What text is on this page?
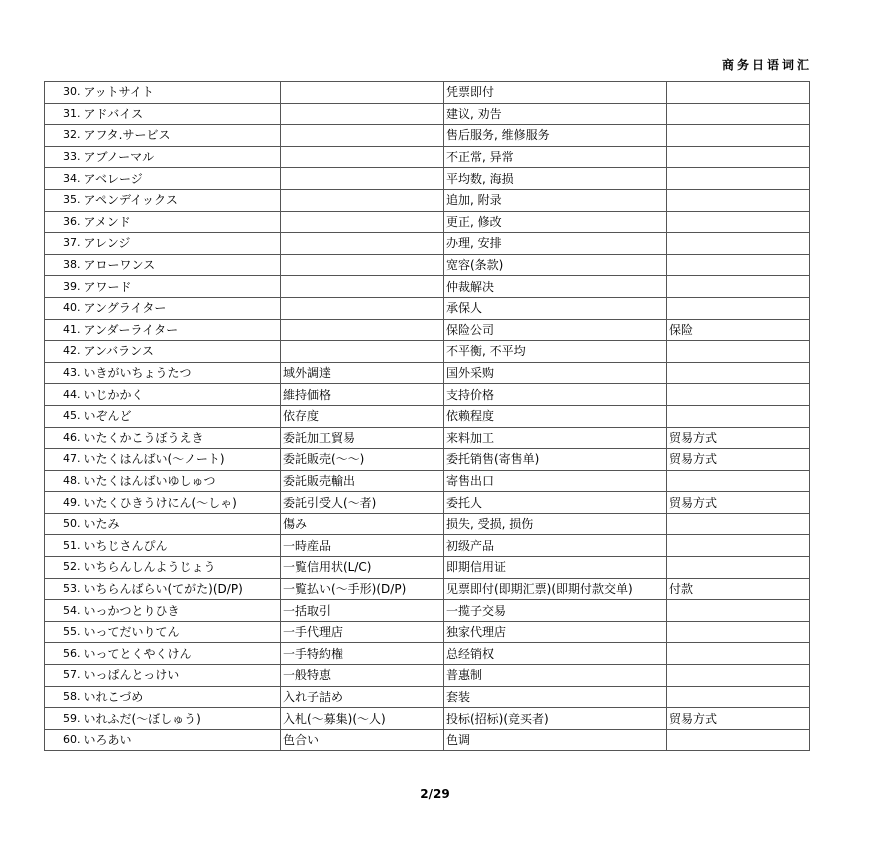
商务日语词汇
30.	アットサイト		凭票即付	
31.	アドバイス		建议, 劝告	
32.	アフタ.サービス		售后服务, 维修服务	
33.	アブノーマル		不正常, 异常	
34.	アベレージ		平均数, 海损	
35.	アペンデイックス		追加, 附录	
36.	アメンド		更正, 修改	
37.	アレンジ		办理, 安排	
38.	アローワンス		宽容(条款)	
39.	アワード		仲裁解决	
40.	アングライター		承保人	
41.	アンダーライター		保险公司	保险
42.	アンバランス		不平衡, 不平均	
43.	いきがいちょうたつ	域外調達	国外采购	
44.	いじかかく	維持価格	支持价格	
45.	いぞんど	依存度	依赖程度	
46.	いたくかこうぼうえき	委託加工貿易	来料加工	贸易方式
47.	いたくはんばい(〜ノート)	委託販売(〜〜)	委托销售(寄售单)	贸易方式
48.	いたくはんばいゆしゅつ	委託販売輸出	寄售出口	
49.	いたくひきうけにん(〜しゃ)	委託引受人(〜者)	委托人	贸易方式
50.	いたみ	傷み	损失, 受损, 损伤	
51.	いちじさんぴん	一時産品	初级产品	
52.	いちらんしんようじょう	一覧信用状(L/C)	即期信用证	
53.	いちらんばらい(てがた)(D/P)	一覧払い(〜手形)(D/P)	见票即付(即期汇票)(即期付款交单)	付款
54.	いっかつとりひき	一括取引	一揽子交易	
55.	いってだいりてん	一手代理店	独家代理店	
56.	いってとくやくけん	一手特約権	总经销权	
57.	いっぱんとっけい	一般特恵	普惠制	
58.	いれこづめ	入れ子詰め	套装	
59.	いれふだ(〜ぼしゅう)	入札(〜募集)(〜人)	投标(招标)(竞买者)	贸易方式
60.	いろあい	色合い	色调	
2/29
